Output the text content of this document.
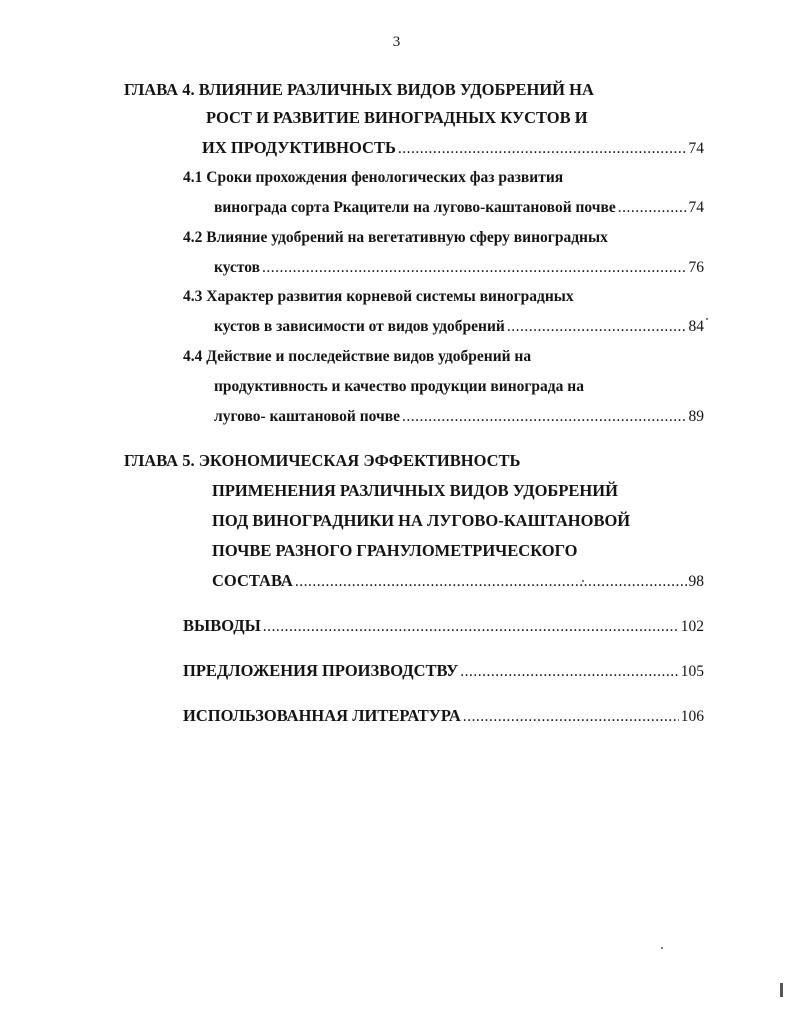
3
ГЛАВА 4. ВЛИЯНИЕ РАЗЛИЧНЫХ ВИДОВ УДОБРЕНИЙ НА
РОСТ И РАЗВИТИЕ ВИНОГРАДНЫХ КУСТОВ И
ИХ ПРОДУКТИВНОСТЬ .....	74
4.1 Сроки прохождения фенологических фаз развития
винограда сорта Ркацители на лугово-каштановой почве .....	74
4.2 Влияние удобрений на вегетативную сферу виноградных
кустов .....	76
4.3 Характер развития корневой системы виноградных
кустов в зависимости от видов удобрений .....	84
4.4 Действие и последействие видов удобрений на
продуктивность и качество продукции винограда на
лугово- каштановой почве .....	89
ГЛАВА 5. ЭКОНОМИЧЕСКАЯ ЭФФЕКТИВНОСТЬ
ПРИМЕНЕНИЯ РАЗЛИЧНЫХ ВИДОВ УДОБРЕНИЙ
ПОД ВИНОГРАДНИКИ НА ЛУГОВО-КАШТАНОВОЙ
ПОЧВЕ РАЗНОГО ГРАНУЛОМЕТРИЧЕСКОГО
СОСТАВА .....	98
ВЫВОДЫ .....	102
ПРЕДЛОЖЕНИЯ ПРОИЗВОДСТВУ .....	105
ИСПОЛЬЗОВАННАЯ ЛИТЕРАТУРА .....	106
